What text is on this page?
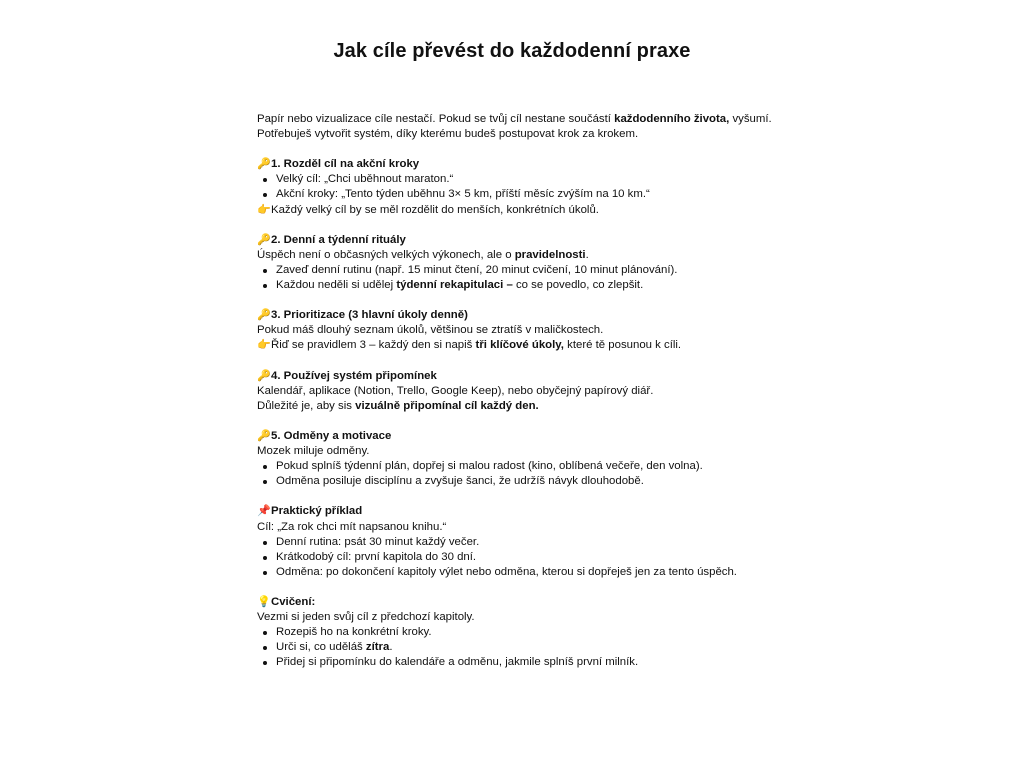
Jak cíle převést do každodenní praxe
Papír nebo vizualizace cíle nestačí. Pokud se tvůj cíl nestane součástí každodenního života, vyšumí.
Potřebuješ vytvořit systém, díky kterému budeš postupovat krok za krokem.
🔑1. Rozděl cíl na akční kroky
Velký cíl: „Chci uběhnout maraton.“
Akční kroky: „Tento týden uběhnu 3× 5 km, příští měsíc zvýším na 10 km.“
👉Každý velký cíl by se měl rozdělit do menších, konkrétních úkolů.
🔑2. Denní a týdenní rituály
Úspěch není o občasných velkých výkonech, ale o pravidelnosti.
Zaveď denní rutinu (např. 15 minut čtení, 20 minut cvičení, 10 minut plánování).
Každou neděli si udělej týdenní rekapitulaci – co se povedlo, co zlepšit.
🔑3. Prioritizace (3 hlavní úkoly denně)
Pokud máš dlouhý seznam úkolů, většinou se ztratíš v maličkostech.
👉Řiď se pravidlem 3 – každý den si napiš tři klíčové úkoly, které tě posunou k cíli.
🔑4. Používej systém připomínek
Kalendář, aplikace (Notion, Trello, Google Keep), nebo obyčejný papírový diář.
Důležité je, aby sis vizuálně připomínal cíl každý den.
🔑5. Odměny a motivace
Mozek miluje odměny.
Pokud splníš týdenní plán, dopřej si malou radost (kino, oblíbená večeře, den volna).
Odměna posiluje disciplínu a zvyšuje šanci, že udržíš návyk dlouhodobě.
📌Praktický příklad
Cíl: „Za rok chci mít napsanou knihu.“
Denní rutina: psát 30 minut každý večer.
Krátkodobý cíl: první kapitola do 30 dní.
Odměna: po dokončení kapitoly výlet nebo odměna, kterou si dopřeješ jen za tento úspěch.
💡Cvičení:
Vezmi si jeden svůj cíl z předchozí kapitoly.
Rozepiš ho na konkrétní kroky.
Urči si, co uděláš zítra.
Přidej si připomínku do kalendáře a odměnu, jakmile splníš první milník.
